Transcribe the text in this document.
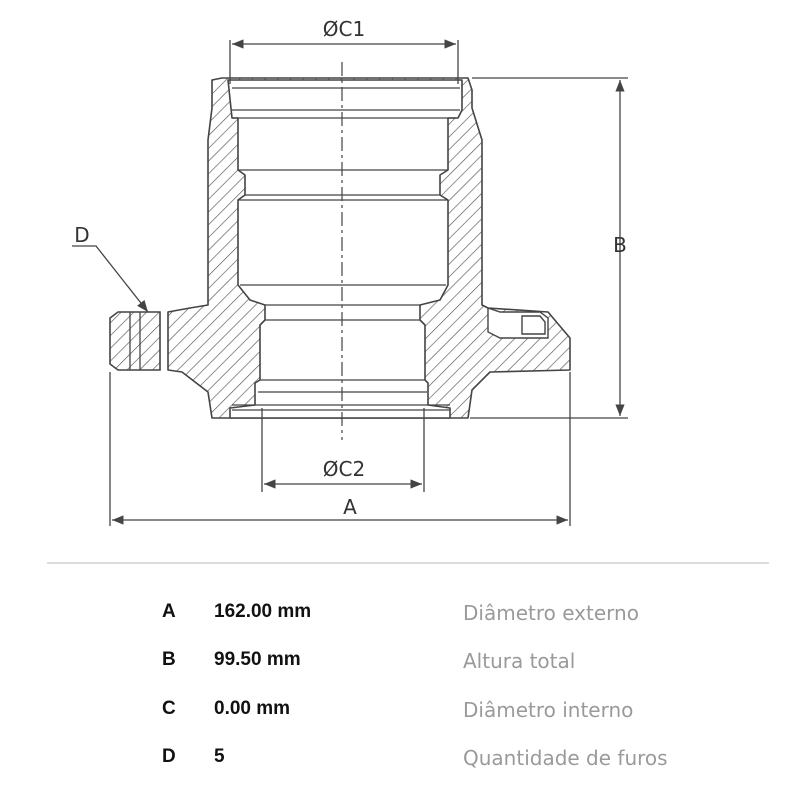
ØC1
B
ØC2
A
D
A 162.00 mm	Diâmetro externo
B 99.50 mm	Altura total
C 0.00 mm	Diâmetro interno
D 5	Quantidade de furos
